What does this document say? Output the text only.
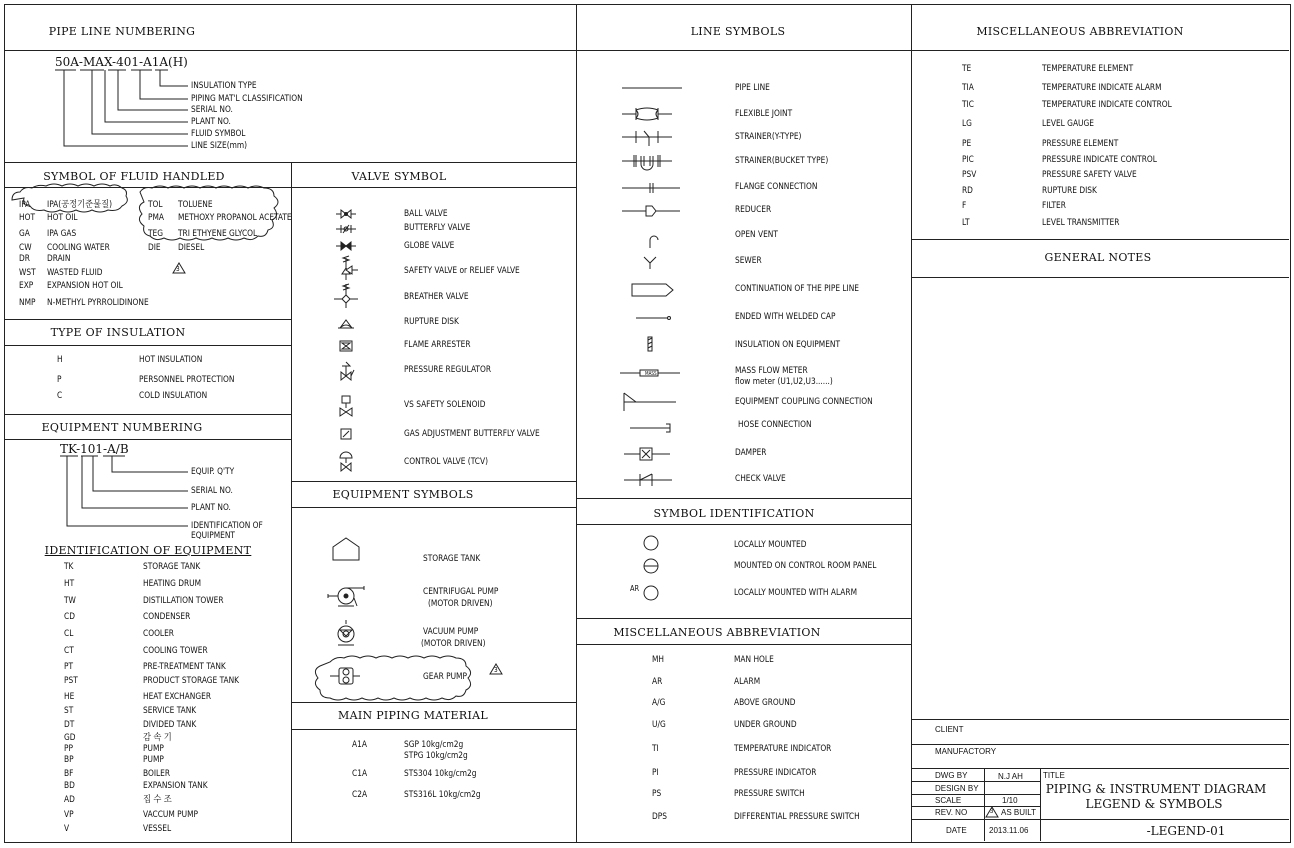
PIPE LINE NUMBERING
SYMBOL OF FLUID HANDLED	VALVE SYMBOL
TYPE OF INSULATION
EQUIPMENT NUMBERING
EQUIPMENT SYMBOLS
MAIN PIPING MATERIAL
LINE SYMBOLS
SYMBOL IDENTIFICATION
MISCELLANEOUS ABBREVIATION
MISCELLANEOUS ABBREVIATION
GENERAL NOTES
50A-MAX-401-A1A(H)
INSULATION TYPE
PIPING MAT'L CLASSIFICATION
SERIAL NO.
PLANT NO.
FLUID SYMBOL
LINE SIZE(mm)
3
IPA IPA(공정기준물질)
HOT HOT OIL
GA IPA GAS
CW COOLING WATER
DR DRAIN
WST WASTED FLUID
EXP EXPANSION HOT OIL
NMP N-METHYL PYRROLIDINONE
TOL TOLUENE
PMA METHOXY PROPANOL ACETATE
TEG TRI ETHYENE GLYCOL
DIE DIESEL
H	HOT INSULATION
P	PERSONNEL PROTECTION
C	COLD INSULATION
TK-101-A/B
EQUIP. Q'TY
SERIAL NO.
PLANT NO.
IDENTIFICATION OF
EQUIPMENT
IDENTIFICATION OF EQUIPMENT
TK	STORAGE TANK
HT	HEATING DRUM
TW	DISTILLATION TOWER
CD	CONDENSER
CL	COOLER
CT	COOLING TOWER
PT	PRE-TREATMENT TANK
PST	PRODUCT STORAGE TANK
HE	HEAT EXCHANGER
ST	SERVICE TANK
DT	DIVIDED TANK
GD	감 속 기
PP	PUMP
BP	PUMP
BF	BOILER
BD	EXPANSION TANK
AD	집 수 조
VP	VACCUM PUMP
V	VESSEL
BALL VALVE
BUTTERFLY VALVE
GLOBE VALVE
SAFETY VALVE or RELIEF VALVE
BREATHER VALVE
RUPTURE DISK
FLAME ARRESTER
PRESSURE REGULATOR
VS SAFETY SOLENOID
GAS ADJUSTMENT BUTTERFLY VALVE
CONTROL VALVE (TCV)
3
STORAGE TANK
CENTRIFUGAL PUMP
(MOTOR DRIVEN)
VACUUM PUMP
(MOTOR DRIVEN)
GEAR PUMP
A1A	SGP 10kg/cm2g
STPG 10kg/cm2g
C1A	STS304 10kg/cm2g
C2A	STS316L 10kg/cm2g
MASS
PIPE LINE
FLEXIBLE JOINT
STRAINER(Y-TYPE)
STRAINER(BUCKET TYPE)
FLANGE CONNECTION
REDUCER
OPEN VENT
SEWER
CONTINUATION OF THE PIPE LINE
ENDED WITH WELDED CAP
INSULATION ON EQUIPMENT
MASS FLOW METER
flow meter (U1,U2,U3......)
EQUIPMENT COUPLING CONNECTION
HOSE CONNECTION
DAMPER
CHECK VALVE
AR
LOCALLY MOUNTED
MOUNTED ON CONTROL ROOM PANEL
LOCALLY MOUNTED WITH ALARM
MH	MAN HOLE
AR	ALARM
A/G	ABOVE GROUND
U/G	UNDER GROUND
TI	TEMPERATURE INDICATOR
PI	PRESSURE INDICATOR
PS	PRESSURE SWITCH
DPS	DIFFERENTIAL PRESSURE SWITCH
TE	TEMPERATURE ELEMENT
TIA	TEMPERATURE INDICATE ALARM
TIC	TEMPERATURE INDICATE CONTROL
LG	LEVEL GAUGE
PE	PRESSURE ELEMENT
PIC	PRESSURE INDICATE CONTROL
PSV	PRESSURE SAFETY VALVE
RD	RUPTURE DISK
F	FILTER
LT	LEVEL TRANSMITTER
CLIENT
MANUFACTORY
DWG BY	N.J AH
DESIGN BY
SCALE	1/10
REV. NO	3 AS BUILT
DATE	2013.11.06
TITLE
PIPING & INSTRUMENT DIAGRAM
LEGEND & SYMBOLS
-LEGEND-01
